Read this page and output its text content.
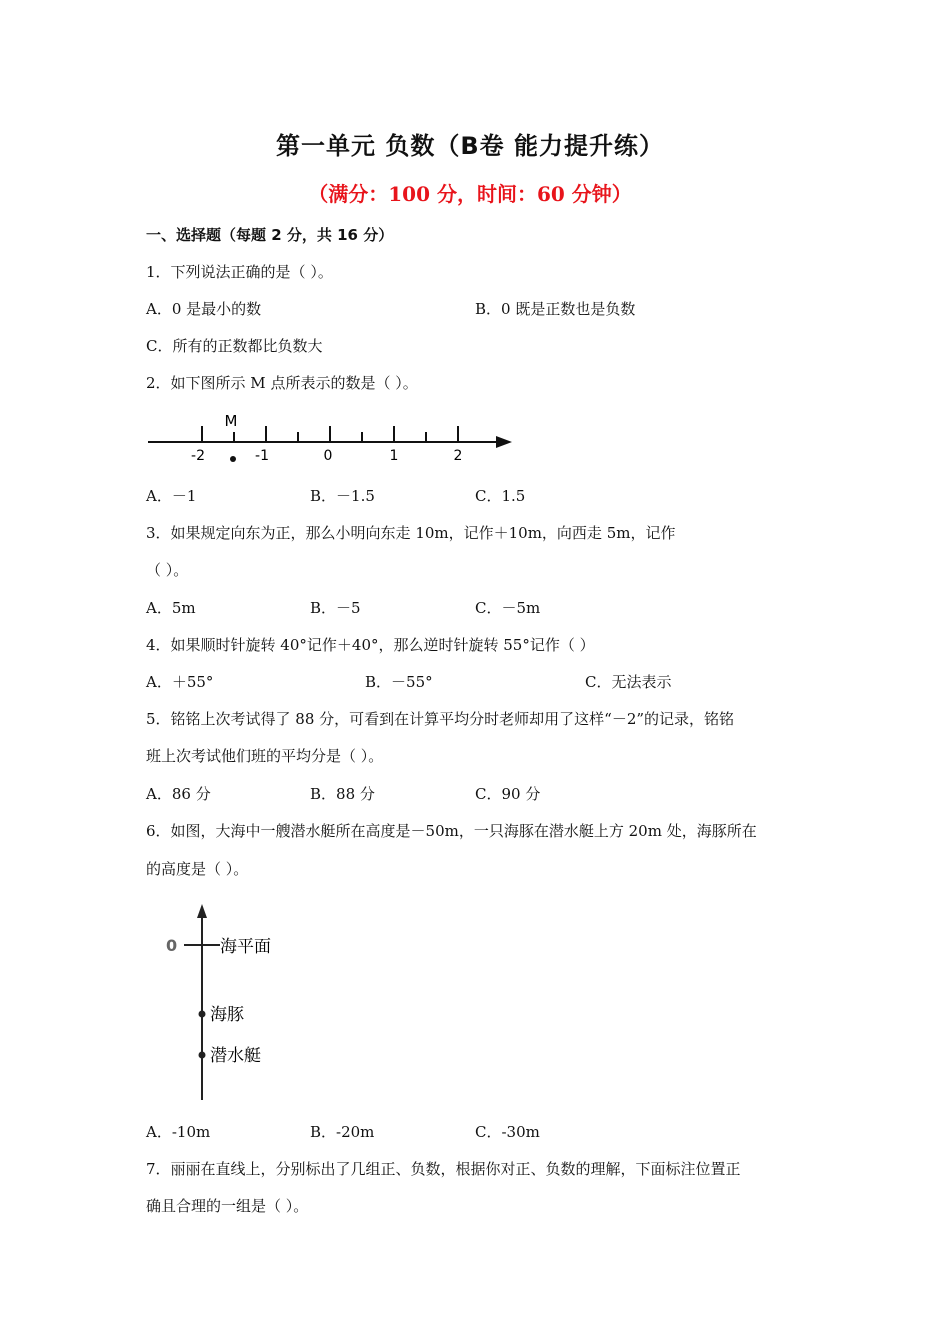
第一单元 负数（B卷 能力提升练）
（满分：100 分，时间：60 分钟）
一、选择题（每题 2 分，共 16 分）
1．下列说法正确的是（ ）。
A．0 是最小的数	B．0 既是正数也是负数
C．所有的正数都比负数大
2．如下图所示 M 点所表示的数是（ ）。
M
-2	-1	0	1	2
A．－1	B．－1.5	C．1.5
3．如果规定向东为正，那么小明向东走 10m，记作＋10m，向西走 5m，记作
（ ）。
A．5m	B．－5	C．－5m
4．如果顺时针旋转 40°记作＋40°，那么逆时针旋转 55°记作（ ）
A．＋55°	B．－55°	C．无法表示
5．铭铭上次考试得了 88 分，可看到在计算平均分时老师却用了这样“－2”的记录，铭铭
班上次考试他们班的平均分是（ ）。
A．86 分	B．88 分	C．90 分
6．如图，大海中一艘潜水艇所在高度是－50m，一只海豚在潜水艇上方 20m 处，海豚所在
的高度是（ ）。
0	海平面
海豚
潜水艇
A．-10m	B．-20m	C．-30m
7．丽丽在直线上，分别标出了几组正、负数，根据你对正、负数的理解，下面标注位置正
确且合理的一组是（ ）。
